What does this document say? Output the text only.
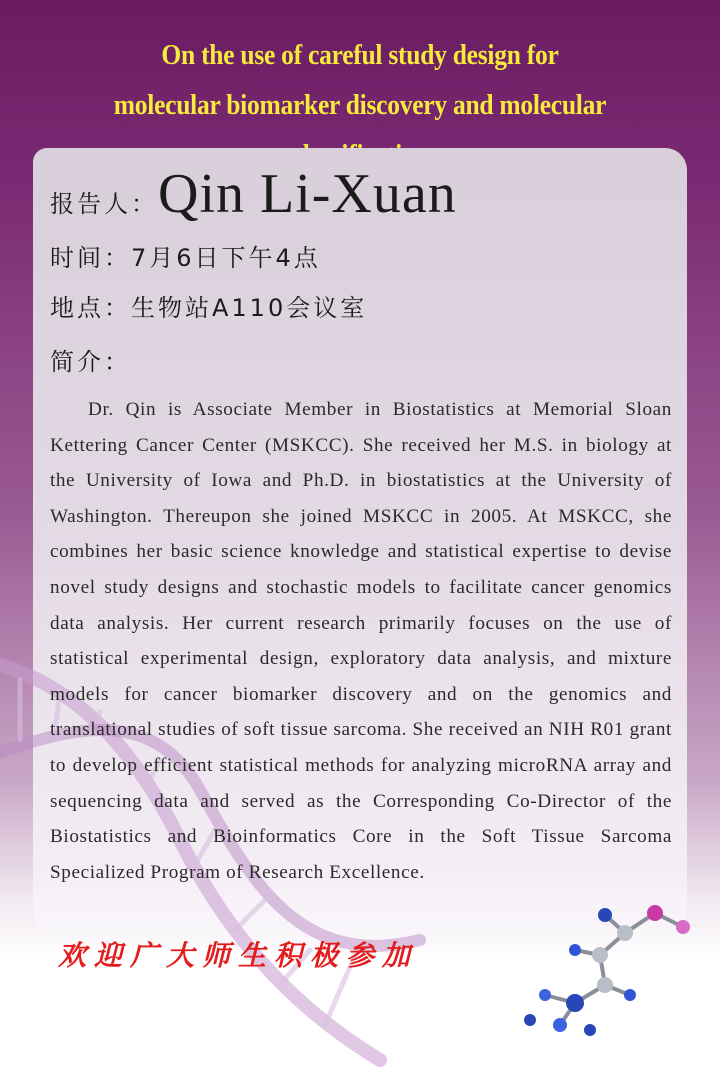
On the use of careful study design for
molecular biomarker discovery and molecular
报告人： Qin Li-Xuan
时间：7月6日下午4点
地点：生物站A110会议室
简介：

Dr. Qin is Associate Member in Biostatistics at Memorial Sloan Kettering Cancer Center (MSKCC). She received her M.S. in biology at the University of Iowa and Ph.D. in biostatistics at the University of Washington. Thereupon she joined MSKCC in 2005. At MSKCC, she combines her basic science knowledge and statistical expertise to devise novel study designs and stochastic models to facilitate cancer genomics data analysis. Her current research primarily focuses on the use of statistical experimental design, exploratory data analysis, and mixture models for cancer biomarker discovery and on the genomics and translational studies of soft tissue sarcoma. She received an NIH R01 grant to develop efficient statistical methods for analyzing microRNA array and sequencing data and served as the Corresponding Co-Director of the Biostatistics and Bioinformatics Core in the Soft Tissue Sarcoma Specialized Program of Research Excellence.

欢迎广大师生积极参加
